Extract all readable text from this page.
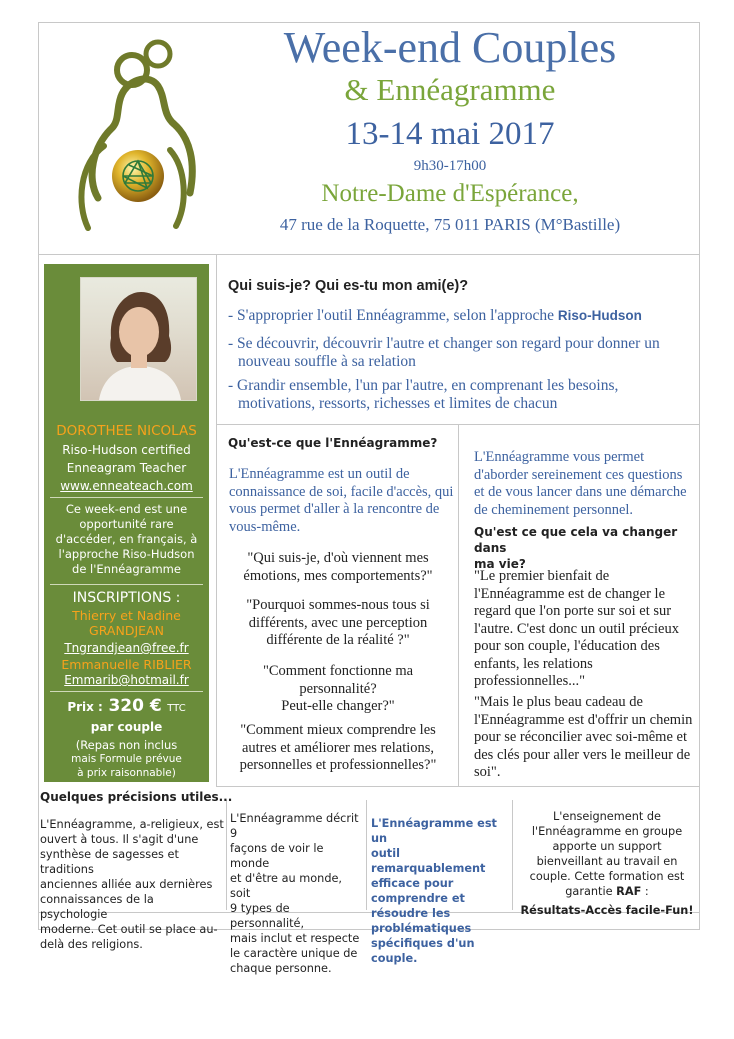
Week-end Couples
& Ennéagramme
13-14 mai 2017
9h30-17h00
Notre-Dame d'Espérance,
47 rue de la Roquette, 75 011 PARIS (M°Bastille)
DOROTHEE NICOLAS
Riso-Hudson certified
Enneagram Teacher
www.enneateach.com
Ce week-end est une
opportunité rare
d'accéder, en français, à
l'approche Riso-Hudson
de l'Ennéagramme
INSCRIPTIONS :
Thierry et Nadine
GRANDJEAN
Tngrandjean@free.fr
Emmanuelle RIBLIER
Emmarib@hotmail.fr
Prix : 320 € TTC
par couple
(Repas non inclus
mais Formule prévue
à prix raisonnable)
Qui suis-je? Qui es-tu mon ami(e)?
- S'approprier l'outil Ennéagramme, selon l'approche Riso-Hudson
- Se découvrir, découvrir l'autre et changer son regard pour donner un
nouveau souffle à sa relation
- Grandir ensemble, l'un par l'autre, en comprenant les besoins,
motivations, ressorts, richesses et limites de chacun
Qu'est-ce que l'Ennéagramme?
L'Ennéagramme est un outil de
connaissance de soi, facile d'accès, qui
vous permet d'aller à la rencontre de
vous-même.
"Qui suis-je, d'où viennent mes
émotions, mes comportements?"
"Pourquoi sommes-nous tous si
différents, avec une perception
différente de la réalité ?"
"Comment fonctionne ma
personnalité?
Peut-elle changer?"
"Comment mieux comprendre les
autres et améliorer mes relations,
personnelles et professionnelles?"
L'Ennéagramme vous permet
d'aborder sereinement ces questions
et de vous lancer dans une démarche
de cheminement personnel.
Qu'est ce que cela va changer dans
ma vie?
"Le premier bienfait de
l'Ennéagramme est de changer le
regard que l'on porte sur soi et sur
l'autre. C'est donc un outil précieux
pour son couple, l'éducation des
enfants, les relations
professionnelles..."
"Mais le plus beau cadeau de
l'Ennéagramme est d'offrir un chemin
pour se réconcilier avec soi-même et
des clés pour aller vers le meilleur de
soi".
Quelques précisions utiles...
L'Ennéagramme, a-religieux, est
ouvert à tous. Il s'agit d'une
synthèse de sagesses et traditions
anciennes alliée aux dernières
connaissances de la psychologie
moderne. Cet outil se place au-
delà des religions.
L'Ennéagramme décrit 9
façons de voir le monde
et d'être au monde, soit
9 types de personnalité,
mais inclut et respecte
le caractère unique de
chaque personne.
L'Ennéagramme est un
outil remarquablement
efficace pour
comprendre et
résoudre les
problématiques
spécifiques d'un couple.
L'enseignement de
l'Ennéagramme en groupe
apporte un support
bienveillant au travail en
couple. Cette formation est
garantie RAF :
Résultats-Accès facile-Fun!
